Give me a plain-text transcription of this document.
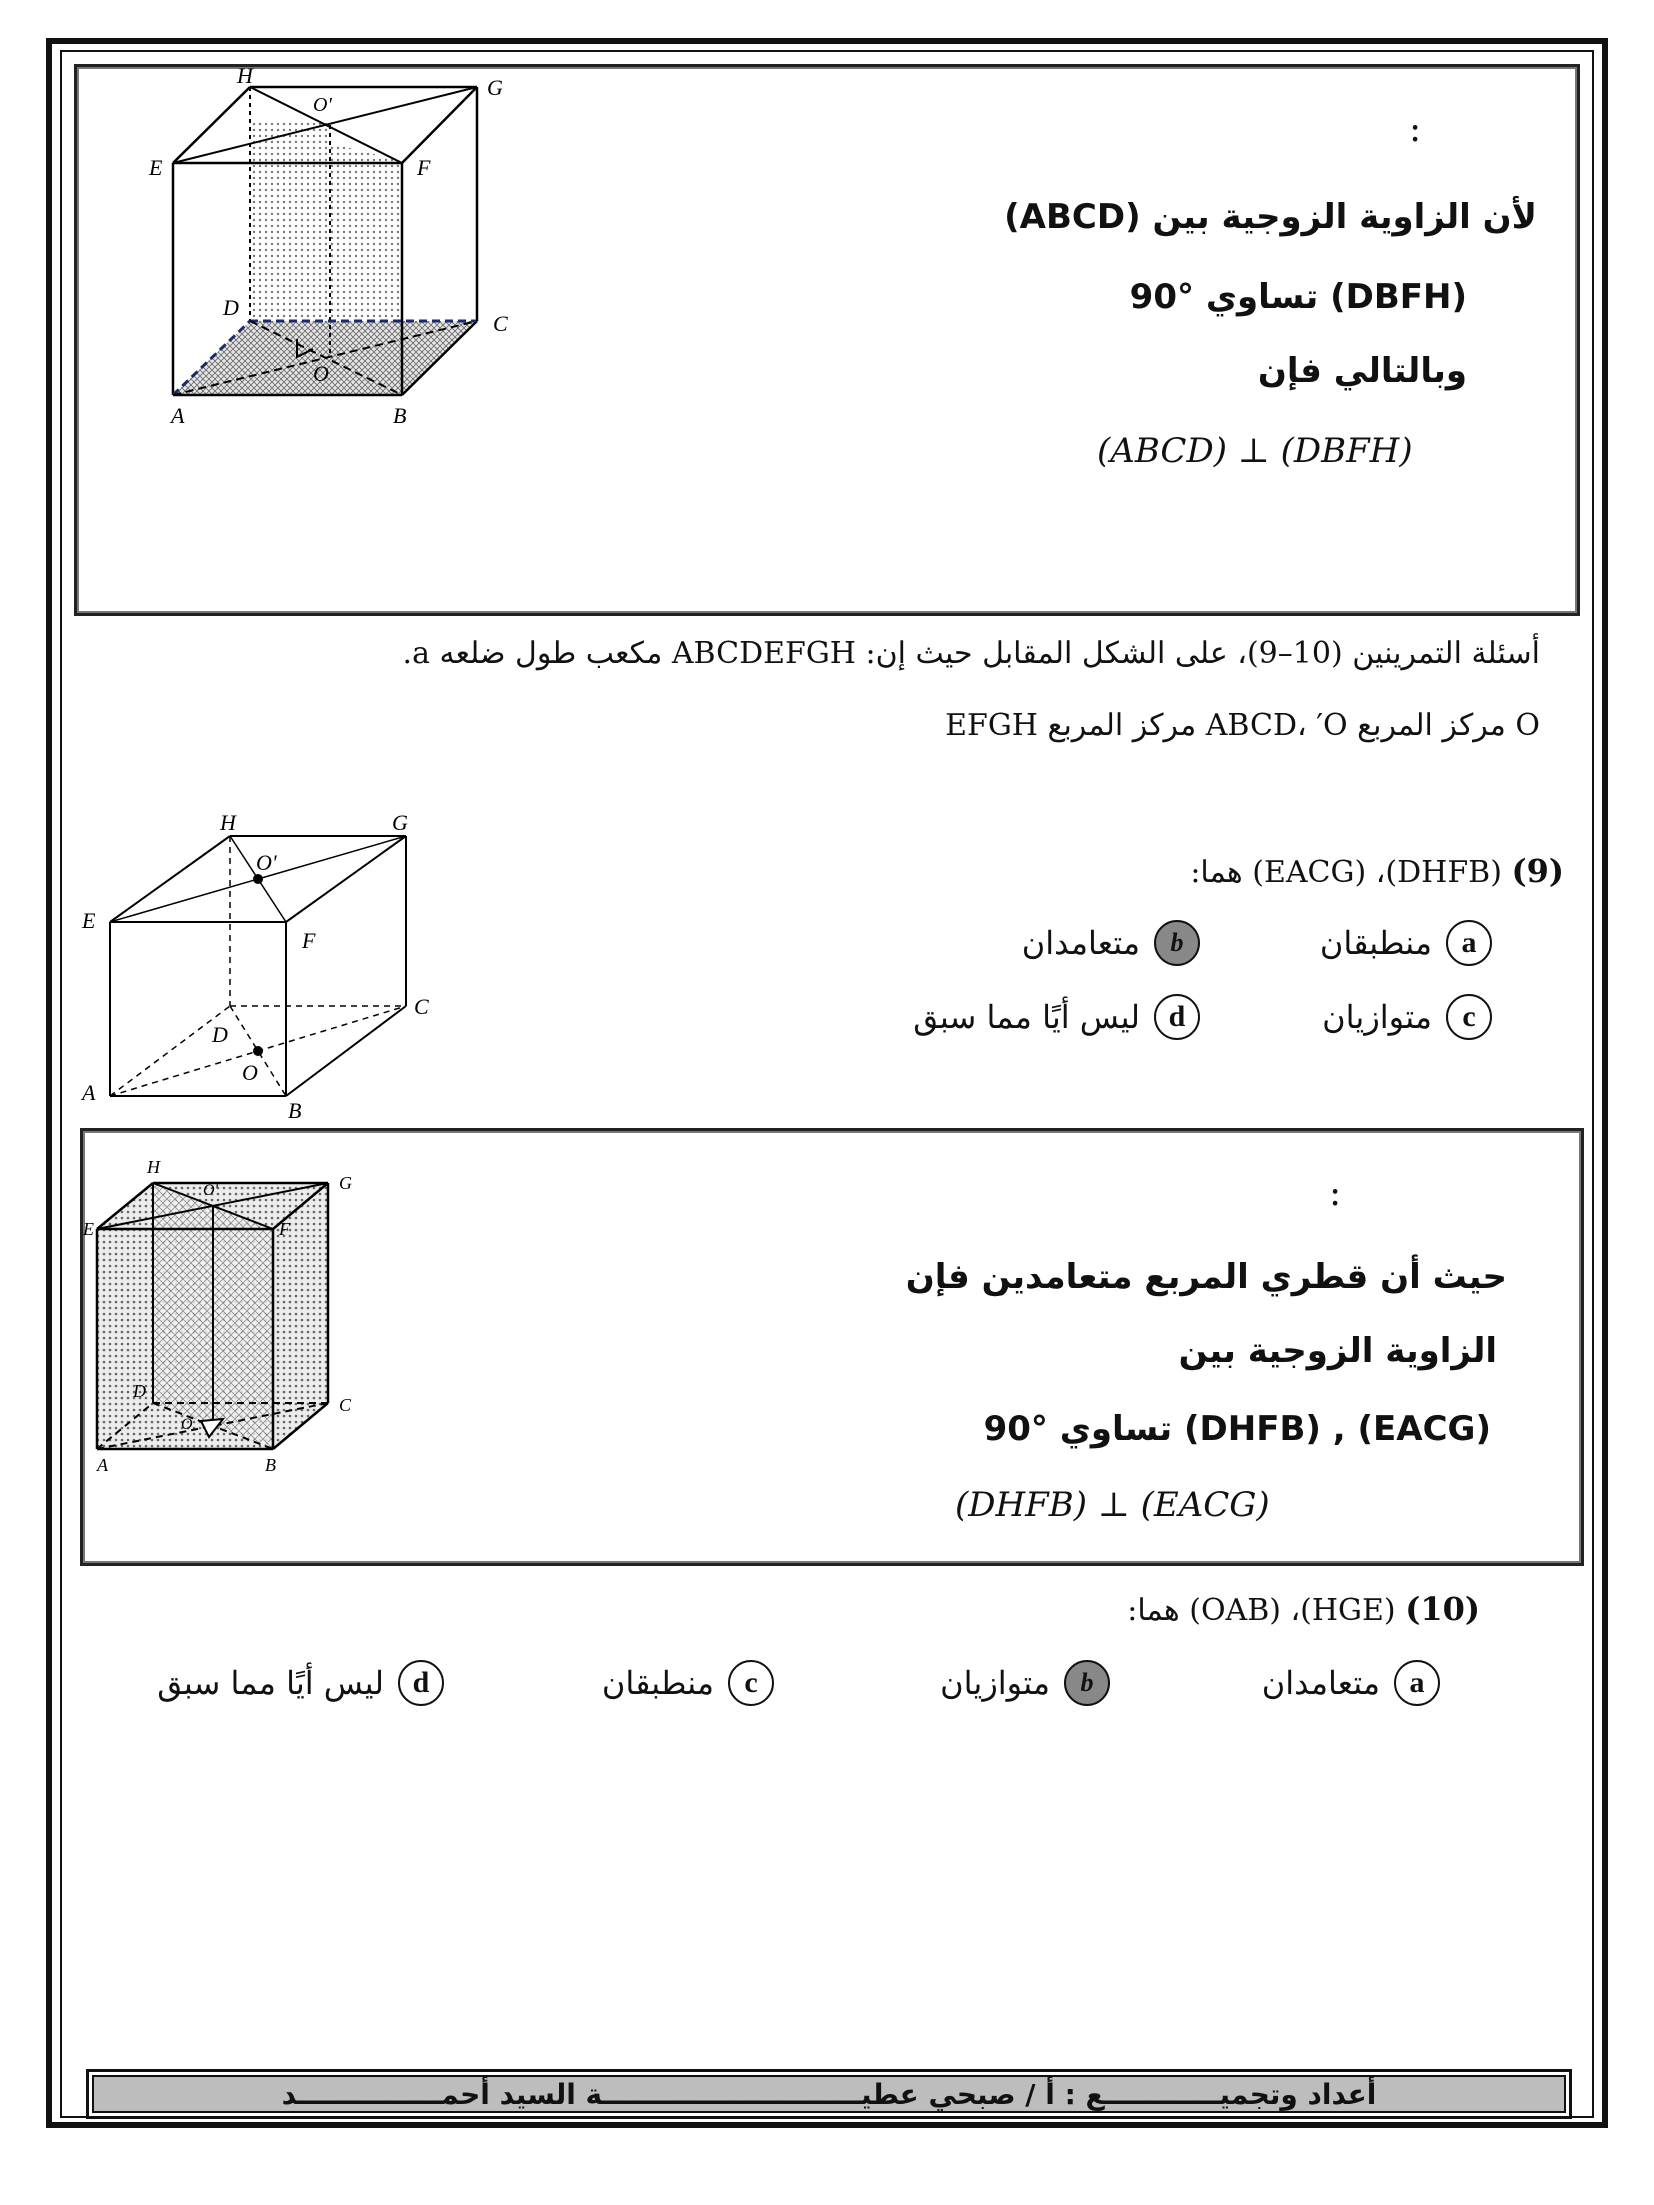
H
O'
G
E	F
D
C
O
A	B
:
لأن الزاوية الزوجية بين (ABCD)
(DBFH) تساوي °90
وبالتالي فإن
(ABCD) ⊥ (DBFH)
أسئلة التمرينين (10–9)، على الشكل المقابل حيث إن: ABCDEFGH مكعب طول ضلعه a.
O مركز المربع ABCD، ′O مركز المربع EFGH
H	G
O'
E
F
C
D
O
A
B
(9) (DHFB)، (EACG) هما:
a
منطبقان
b
متعامدان
c
متوازيان
d
ليس أيًا مما سبق
H
O'	G
E	F
D
C
O
A	B
:
حيث أن قطري المربع متعامدين فإن
الزاوية الزوجية بين
(EACG) , (DHFB) تساوي °90
(DHFB) ⊥ (EACG)
(10) (HGE)، (OAB) هما:
a
متعامدان
b
متوازيان
c
منطبقان
d
ليس أيًا مما سبق
أعداد وتجميــــــــــــع : أ / صبحي عطيـــــــــــــــــــــــــــة السيد أحمـــــــــــــــد
